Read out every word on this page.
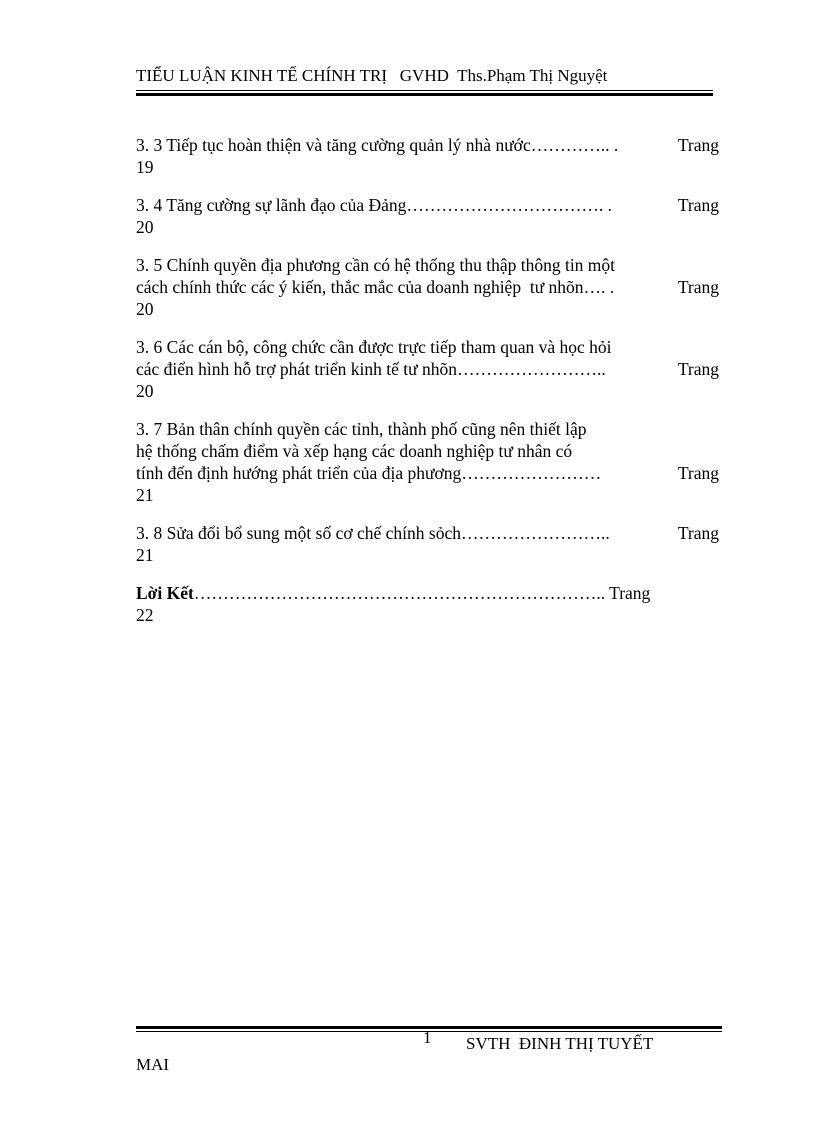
TIỂU LUẬN KINH TẾ CHÍNH TRỊ   GVHD  Ths.Phạm Thị Nguyệt
3. 3 Tiếp tục hoàn thiện và tăng cường quản lý nhà nước………….. .	Trang
19
3. 4 Tăng cường sự lãnh đạo của Đảng……………………………. .	Trang
20
3. 5 Chính quyền địa phương cần có hệ thống thu thập thông tin một
cách chính thức các ý kiến, thắc mắc của doanh nghiệp  tư nhõn…. .	Trang
20
3. 6 Các cán bộ, công chức cần được trực tiếp tham quan và học hỏi
các điển hình hỗ trợ phát triển kinh tế tư nhõn……………………..	Trang
20
3. 7 Bản thân chính quyền các tỉnh, thành phố cũng nên thiết lập
hệ thống chấm điểm và xếp hạng các doanh nghiệp tư nhân có
tính đến định hướng phát triển của địa phương……………………	Trang
21
3. 8 Sửa đổi bổ sung một số cơ chế chính sỏch……………………..	Trang
21
Lời Kết…………………………………………………………….. Trang
22
1 SVTH  ĐINH THỊ TUYẾT
MAI
